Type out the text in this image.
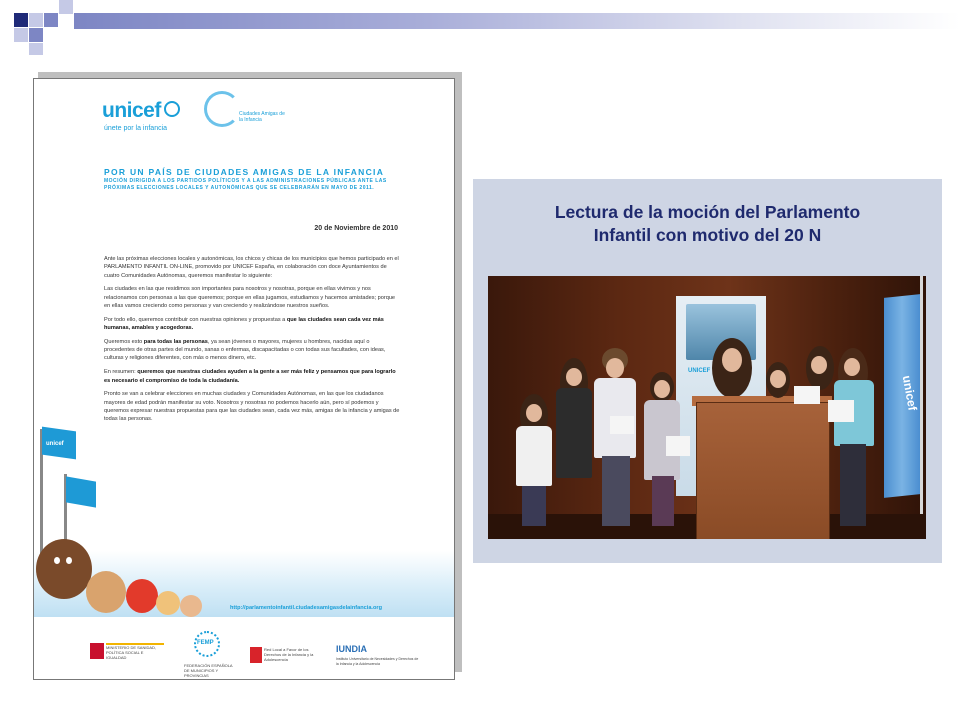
unicef
únete por la infancia
Ciudades Amigas de la Infancia
POR UN PAÍS DE CIUDADES AMIGAS DE LA INFANCIA
MOCIÓN DIRIGIDA A LOS PARTIDOS POLÍTICOS Y A LAS ADMINISTRACIONES PÚBLICAS ANTE LAS PRÓXIMAS ELECCIONES LOCALES Y AUTONÓMICAS QUE SE CELEBRARÁN EN MAYO DE 2011.
20 de Noviembre de 2010

Ante las próximas elecciones locales y autonómicas, los chicos y chicas de los municipios que hemos participado en el PARLAMENTO INFANTIL ON-LINE, promovido por UNICEF España, en colaboración con doce Ayuntamientos de cuatro Comunidades Autónomas, queremos manifestar lo siguiente:

Las ciudades en las que residimos son importantes para nosotros y nosotras, porque en ellas vivimos y nos relacionamos con personas a las que queremos; porque en ellas jugamos, estudiamos y hacemos amistades; porque en ellas vamos creciendo como personas y van creciendo y realizándose nuestros sueños.

Por todo ello, queremos contribuir con nuestras opiniones y propuestas a que las ciudades sean cada vez más humanas, amables y acogedoras.

Queremos esto para todas las personas, ya sean jóvenes o mayores, mujeres u hombres, nacidas aquí o procedentes de otras partes del mundo, sanas o enfermas, discapacitadas o con todas sus facultades, con ideas, culturas y religiones diferentes, con más o menos dinero, etc.

En resumen: queremos que nuestras ciudades ayuden a la gente a ser más feliz y pensamos que para lograrlo es necesario el compromiso de toda la ciudadanía.

Pronto se van a celebrar elecciones en muchas ciudades y Comunidades Autónomas, en las que los ciudadanos mayores de edad podrán manifestar su voto. Nosotros y nosotras no podemos hacerlo aún, pero sí podemos y queremos expresar nuestras propuestas para que las ciudades sean, cada vez más, amigas de la infancia y amigas de todas las personas.

http://parlamentoinfantil.ciudadesamigasdelainfancia.org
unicef
MINISTERIO DE SANIDAD, POLÍTICA SOCIAL E IGUALDAD
FEMP
FEDERACIÓN ESPAÑOLA DE MUNICIPIOS Y PROVINCIAS
Red Local a Favor de los Derechos de la Infancia y la Adolescencia
IUNDIA
Instituto Universitario de Necesidades y Derechos de la Infancia y la Adolescencia
Lectura de la moción del Parlamento
Infantil con motivo del 20 N
UNICEF
unicef
